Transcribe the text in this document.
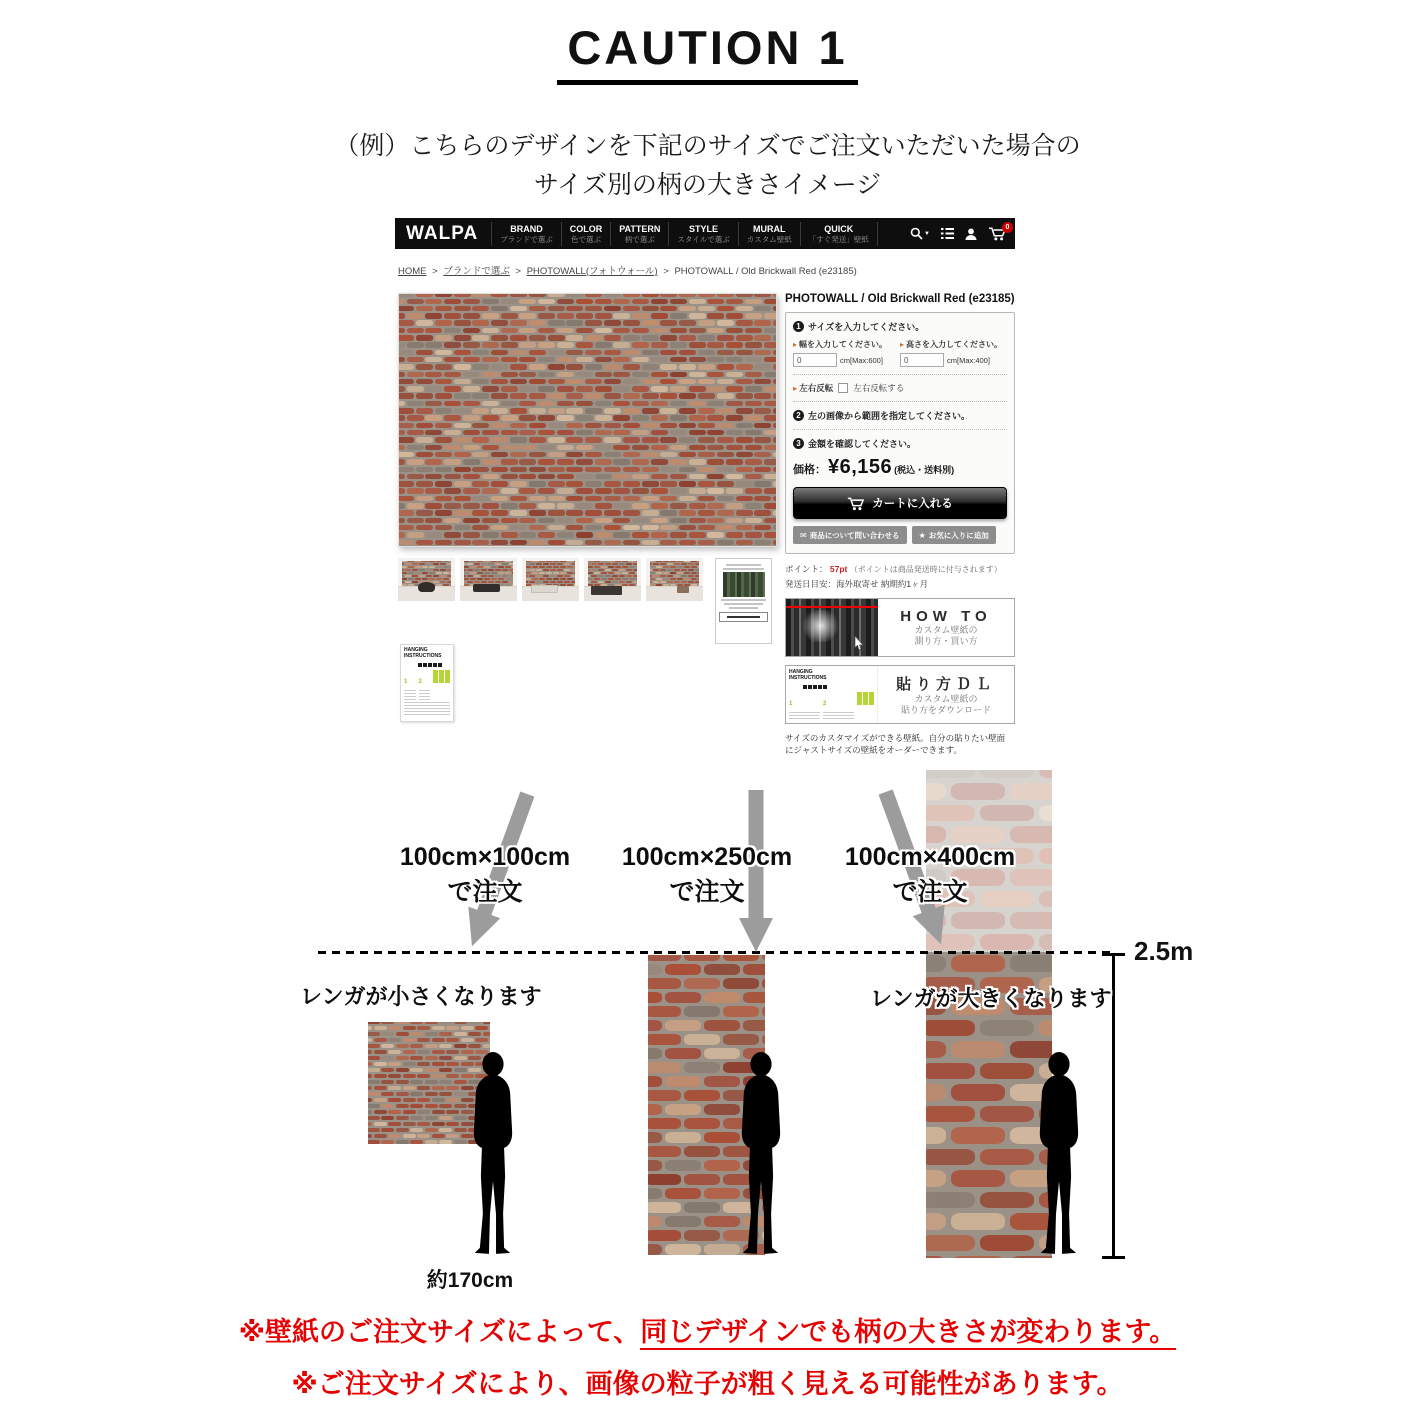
CAUTION 1
（例）こちらのデザインを下記のサイズでご注文いただいた場合の
サイズ別の柄の大きさイメージ
WALPA	BRAND
ブランドで選ぶ
COLOR
色で選ぶ
PATTERN
柄で選ぶ
STYLE
スタイルで選ぶ
MURAL
カスタム壁紙
QUICK
「すぐ発送」壁紙
▼
0
HOME > ブランドで選ぶ > PHOTOWALL(フォトウォール) > PHOTOWALL / Old Brickwall Red (e23185)
PHOTOWALL / Old Brickwall Red (e23185)
1 サイズを入力してください。
▸ 幅を入力してください。
0
cm[Max:600]
▸ 高さを入力してください。
0
cm[Max:400]
▸ 左右反転 左右反転する
2 左の画像から範囲を指定してください。
3 金額を確認してください。
価格： ¥6,156 (税込・送料別)
カートに入れる
✉ 商品について問い合わせる ★ お気に入りに追加
ポイント： 57pt （ポイントは商品発送時に付与されます）
発送日目安：海外取寄せ 納期約1ヶ月
HOW TO
カスタム壁紙の
測り方・買い方
HANGING
INSTRUCTIONS
1	2
貼り方ＤＬ
カスタム壁紙の
貼り方をダウンロード
サイズのカスタマイズができる壁紙。自分の貼りたい壁面にジャストサイズの壁紙をオーダーできます。
HANGING
INSTRUCTIONS
1	2
100cm×100cm
で注文
100cm×250cm
で注文
100cm×400cm
で注文
レンガが小さくなります	レンガが大きくなります
約170cm
2.5m
※壁紙のご注文サイズによって、同じデザインでも柄の大きさが変わります。
※ご注文サイズにより、画像の粒子が粗く見える可能性があります。
